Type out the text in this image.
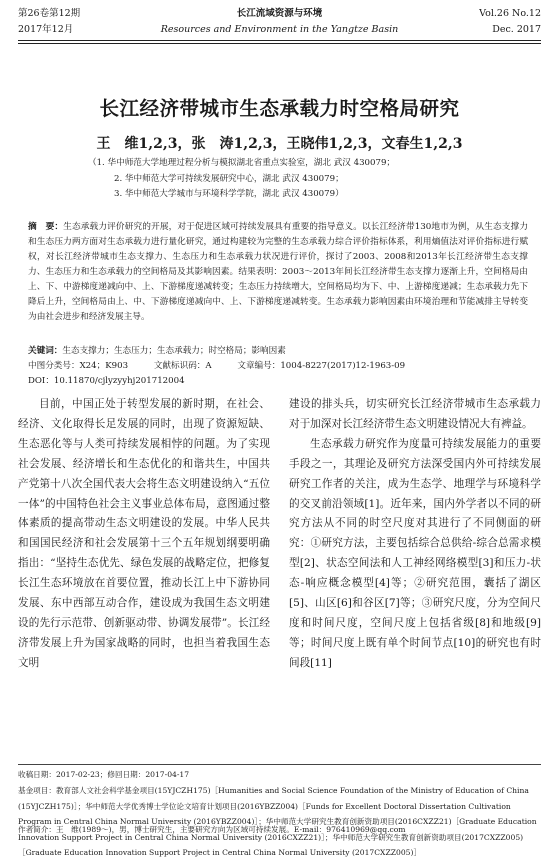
第26卷第12期
2017年12月
长江流域资源与环境
Resources and Environment in the Yangtze Basin
Vol.26 No.12
Dec. 2017
长江经济带城市生态承载力时空格局研究
王　维1,2,3，张　涛1,2,3，王晓伟1,2,3，文春生1,2,3
（1. 华中师范大学地理过程分析与模拟湖北省重点实验室，湖北 武汉 430079；
2. 华中师范大学可持续发展研究中心，湖北 武汉 430079；
3. 华中师范大学城市与环境科学学院，湖北 武汉 430079）
摘　要：生态承载力评价研究的开展，对于促进区域可持续发展具有重要的指导意义。以长江经济带130地市为例，从生态支撑力和生态压力两方面对生态承载力进行量化研究，通过构建较为完整的生态承载力综合评价指标体系，利用熵值法对评价指标进行赋权，对长江经济带城市生态支撑力、生态压力和生态承载力状况进行评价，探讨了2003、2008和2013年长江经济带生态支撑力、生态压力和生态承载力的空间格局及其影响因素。结果表明：2003～2013年间长江经济带生态支撑力逐渐上升，空间格局由上、下、中游梯度递减向中、上、下游梯度递减转变；生态压力持续增大，空间格局均为下、中、上游梯度递减；生态承载力先下降后上升，空间格局由上、中、下游梯度递减向中、上、下游梯度递减转变。生态承载力影响因素由环境治理和节能减排主导转变为由社会进步和经济发展主导。
关键词：生态支撑力；生态压力；生态承载力；时空格局；影响因素
中图分类号：X24；K903　　　文献标识码：A　　　文章编号：1004-8227(2017)12-1963-09
DOI：10.11870/cjlyzyyhj201712004

目前，中国正处于转型发展的新时期，在社会、经济、文化取得长足发展的同时，出现了资源短缺、生态恶化等与人类可持续发展相悖的问题。为了实现社会发展、经济增长和生态优化的和谐共生，中国共产党第十八次全国代表大会将生态文明建设纳入“五位一体”的中国特色社会主义事业总体布局，意图通过整体素质的提高带动生态文明建设的发展。中华人民共和国国民经济和社会发展第十三个五年规划纲要明确指出：“坚持生态优先、绿色发展的战略定位，把修复长江生态环境放在首要位置，推动长江上中下游协同发展、东中西部互动合作，建设成为我国生态文明建设的先行示范带、创新驱动带、协调发展带”。长江经济带发展上升为国家战略的同时，也担当着我国生态文明

建设的排头兵，切实研究长江经济带城市生态承载力对于加深对长江经济带生态文明建设情况大有裨益。

生态承载力研究作为度量可持续发展能力的重要手段之一，其理论及研究方法深受国内外可持续发展研究工作者的关注，成为生态学、地理学与环境科学的交叉前沿领域[1]。近年来，国内外学者以不同的研究方法从不同的时空尺度对其进行了不同侧面的研究：①研究方法，主要包括综合总供给-综合总需求模型[2]、状态空间法和人工神经网络模型[3]和压力-状态-响应概念模型[4]等；②研究范围，囊括了湖区[5]、山区[6]和谷区[7]等；③研究尺度，分为空间尺度和时间尺度，空间尺度上包括省级[8]和地级[9]等；时间尺度上既有单个时间节点[10]的研究也有时间段[11]

收稿日期：2017-02-23；修回日期：2017-04-17
基金项目：教育部人文社会科学基金项目(15YJCZH175)［Humanities and Social Science Foundation of the Ministry of Education of China (15YJCZH175)］；华中师范大学优秀博士学位论文培育计划项目(2016YBZZ004)［Funds for Excellent Doctoral Dissertation Cultivation Program in Central China Normal University (2016YBZZ004)］；华中师范大学研究生教育创新资助项目(2016CXZZ21)［Graduate Education Innovation Support Project in Central China Normal University (2016CXZZ21)］；华中师范大学研究生教育创新资助项目(2017CXZZ005)［Graduate Education Innovation Support Project in Central China Normal University (2017CXZZ005)］
作者简介：王　维(1989～)，男，博士研究生，主要研究方向为区域可持续发展。E-mail：976410969@qq.com
